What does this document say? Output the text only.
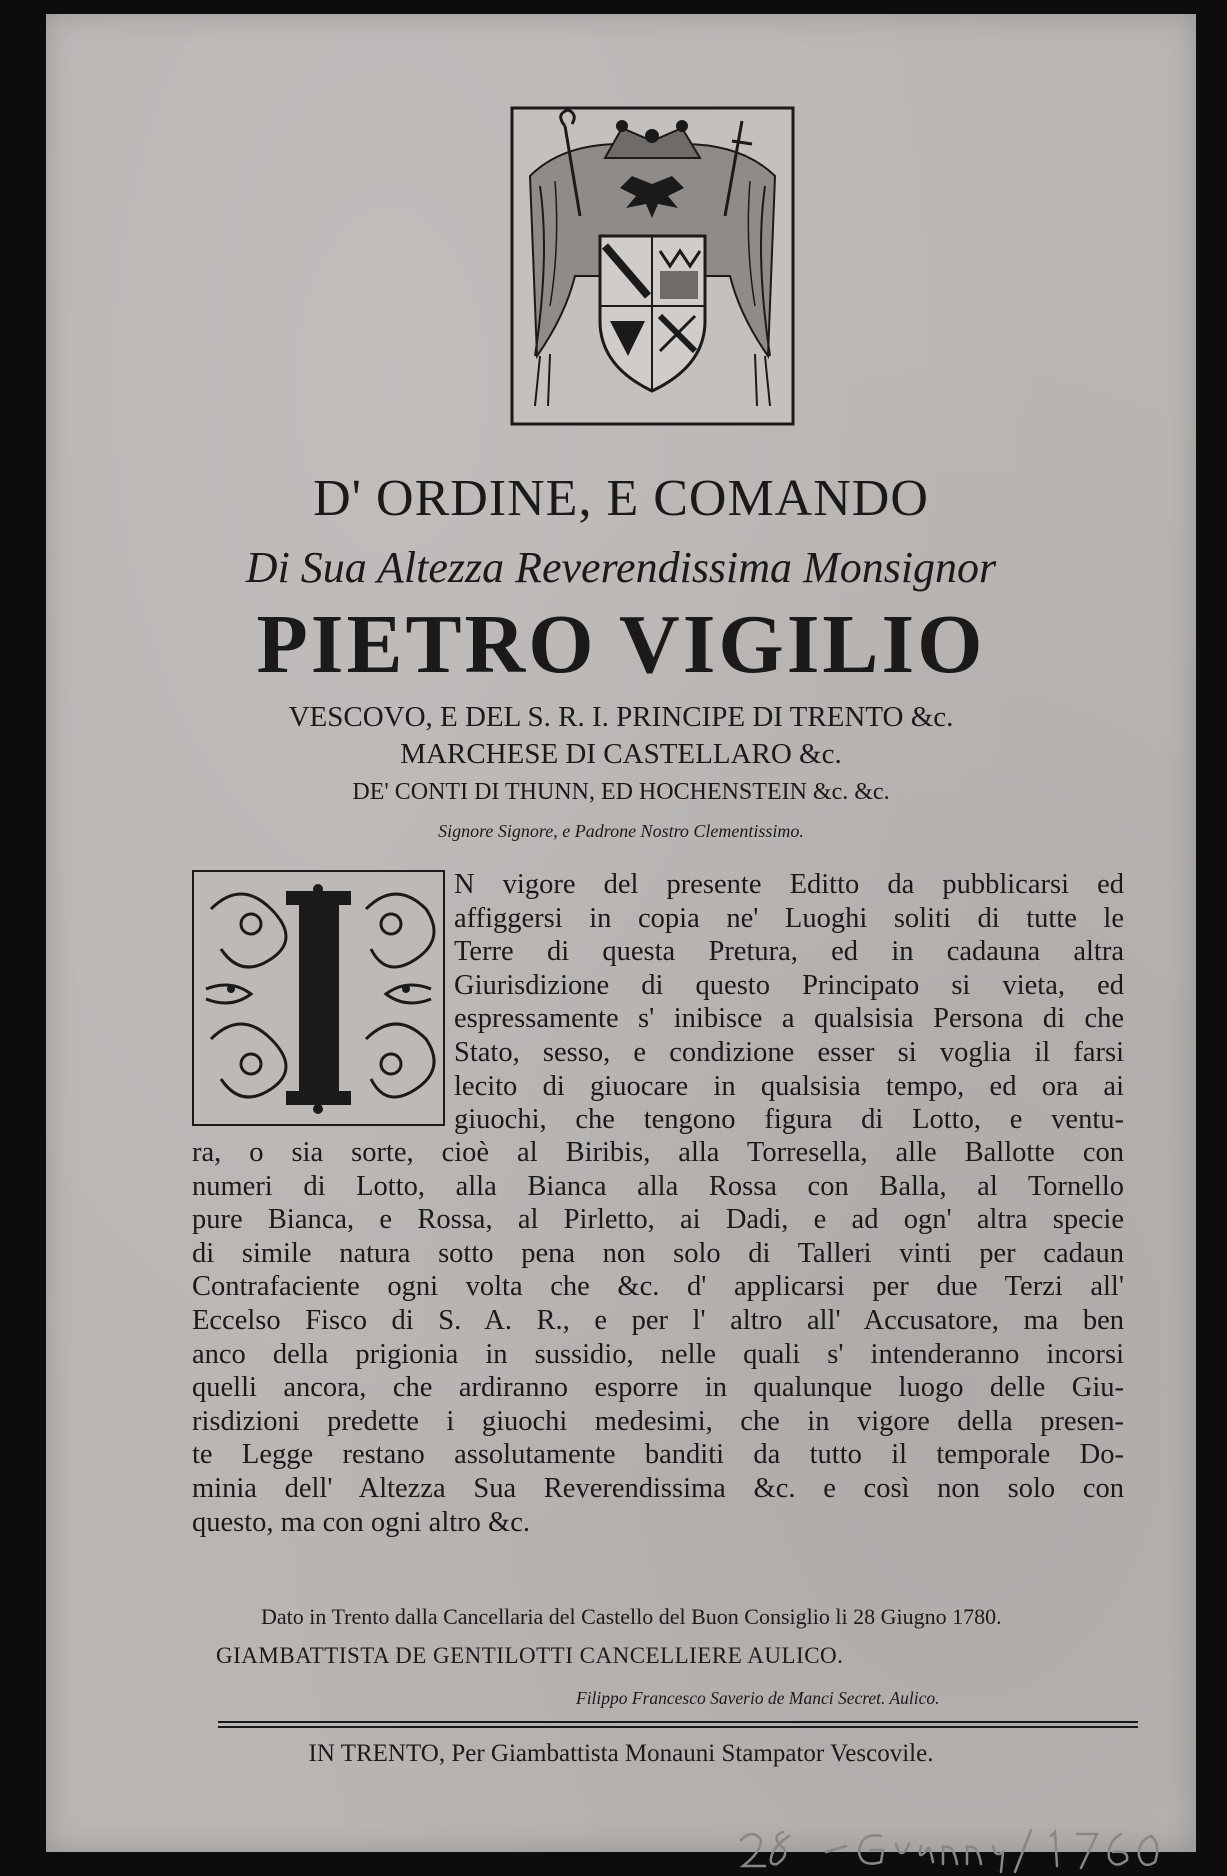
D' ORDINE, E COMANDO
Di Sua Altezza Reverendissima Monsignor
PIETRO VIGILIO
VESCOVO, E DEL S. R. I. PRINCIPE DI TRENTO &c.
MARCHESE DI CASTELLARO &c.
DE' CONTI DI THUNN, ED HOCHENSTEIN &c. &c.
Signore Signore, e Padrone Nostro Clementissimo.
I
N vigore del presente Editto da pubblicarsi ed
affiggersi in copia ne' Luoghi soliti di tutte le
Terre di questa Pretura, ed in cadauna altra
Giurisdizione di questo Principato si vieta, ed
espressamente s' inibisce a qualsisia Persona di che
Stato, sesso, e condizione esser si voglia il farsi
lecito di giuocare in qualsisia tempo, ed ora ai
giuochi, che tengono figura di Lotto, e ventu-
ra, o sia sorte, cioè al Biribis, alla Torresella, alle Ballotte con
numeri di Lotto, alla Bianca alla Rossa con Balla, al Tornello
pure Bianca, e Rossa, al Pirletto, ai Dadi, e ad ogn' altra specie
di simile natura sotto pena non solo di Talleri vinti per cadaun
Contrafaciente ogni volta che &c. d' applicarsi per due Terzi all'
Eccelso Fisco di S. A. R., e per l' altro all' Accusatore, ma ben
anco della prigionia in sussidio, nelle quali s' intenderanno incorsi
quelli ancora, che ardiranno esporre in qualunque luogo delle Giu-
risdizioni predette i giuochi medesimi, che in vigore della presen-
te Legge restano assolutamente banditi da tutto il temporale Do-
minia dell' Altezza Sua Reverendissima &c. e così non solo con
questo, ma con ogni altro &c.
Dato in Trento dalla Cancellaria del Castello del Buon Consiglio li 28 Giugno 1780.
GIAMBATTISTA DE GENTILOTTI CANCELLIERE AULICO.
Filippo Francesco Saverio de Manci Secret. Aulico.
IN TRENTO, Per Giambattista Monauni Stampator Vescovile.
